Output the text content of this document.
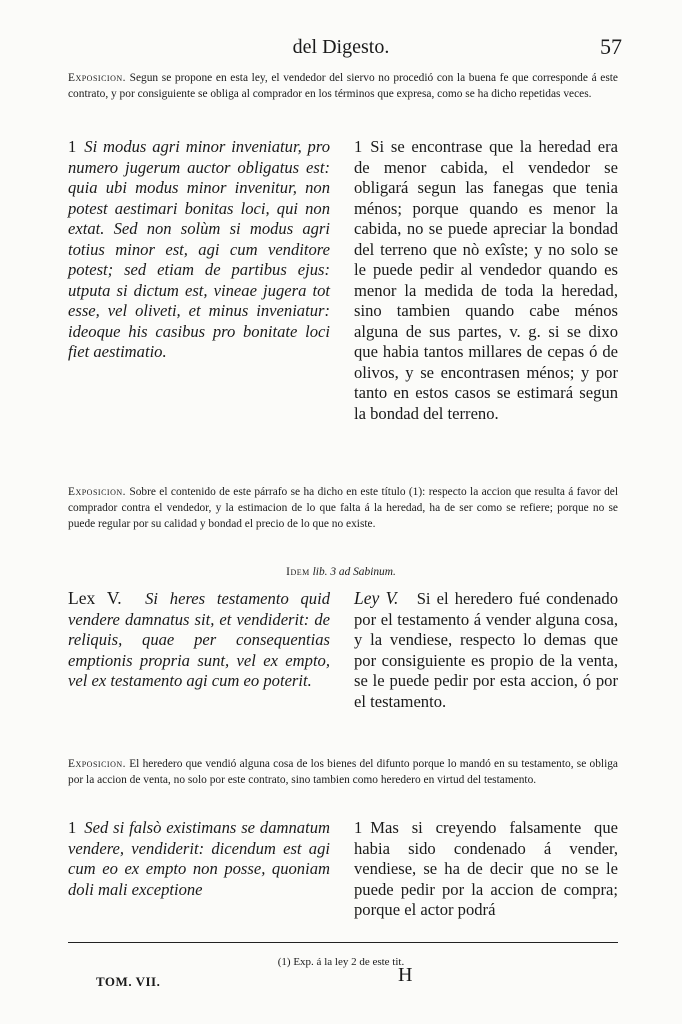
del Digesto.	57
Exposicion. Segun se propone en esta ley, el vendedor del siervo no procedió con la buena fe que corresponde á este contrato, y por consiguiente se obliga al comprador en los términos que expresa, como se ha dicho repetidas veces.

1 Si modus agri minor inveniatur, pro numero jugerum auctor obligatus est: quia ubi modus minor invenitur, non potest aestimari bonitas loci, qui non extat. Sed non solùm si modus agri totius minor est, agi cum venditore potest; sed etiam de partibus ejus: utputa si dictum est, vineae jugera tot esse, vel oliveti, et minus inveniatur: ideoque his casibus pro bonitate loci fiet aestimatio.

1 Si se encontrase que la heredad era de menor cabida, el vendedor se obligará segun las fanegas que tenia ménos; porque quando es menor la cabida, no se puede apreciar la bondad del terreno que nò exîste; y no solo se le puede pedir al vendedor quando es menor la medida de toda la heredad, sino tambien quando cabe ménos alguna de sus partes, v. g. si se dixo que habia tantos millares de cepas ó de olivos, y se encontrasen ménos; y por tanto en estos casos se estimará segun la bondad del terreno.

Exposicion. Sobre el contenido de este párrafo se ha dicho en este título (1): respecto la accion que resulta á favor del comprador contra el vendedor, y la estimacion de lo que falta á la heredad, ha de ser como se refiere; porque no se puede regular por su calidad y bondad el precio de lo que no existe.
Idem lib. 3 ad Sabinum.

Lex V. Si heres testamento quid vendere damnatus sit, et vendiderit: de reliquis, quae per consequentias emptionis propria sunt, vel ex empto, vel ex testamento agi cum eo poterit.

Ley V. Si el heredero fué condenado por el testamento á vender alguna cosa, y la vendiese, respecto lo demas que por consiguiente es propio de la venta, se le puede pedir por esta accion, ó por el testamento.

Exposicion. El heredero que vendió alguna cosa de los bienes del difunto porque lo mandó en su testamento, se obliga por la accion de venta, no solo por este contrato, sino tambien como heredero en virtud del testamento.

1 Sed si falsò existimans se damnatum vendere, vendiderit: dicendum est agi cum eo ex empto non posse, quoniam doli mali exceptione

1 Mas si creyendo falsamente que habia sido condenado á vender, vendiese, se ha de decir que no se le puede pedir por la accion de compra; porque el actor podrá

(1) Exp. á la ley 2 de este tit.
TOM. VII.	H
